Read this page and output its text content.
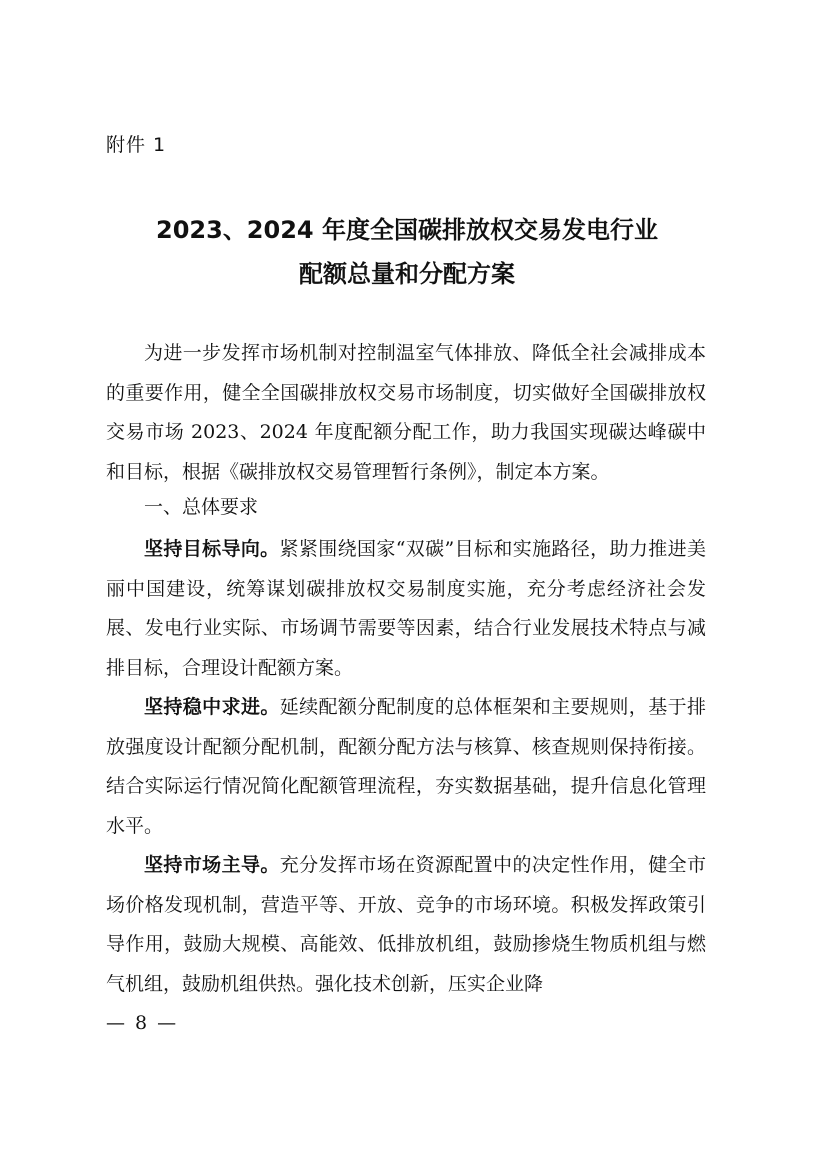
附件 1
2023、2024 年度全国碳排放权交易发电行业
配额总量和分配方案
为进一步发挥市场机制对控制温室气体排放、降低全社会减排成本的重要作用，健全全国碳排放权交易市场制度，切实做好全国碳排放权交易市场 2023、2024 年度配额分配工作，助力我国实现碳达峰碳中和目标，根据《碳排放权交易管理暂行条例》，制定本方案。
一、总体要求
坚持目标导向。紧紧围绕国家“双碳”目标和实施路径，助力推进美丽中国建设，统筹谋划碳排放权交易制度实施，充分考虑经济社会发展、发电行业实际、市场调节需要等因素，结合行业发展技术特点与减排目标，合理设计配额方案。
坚持稳中求进。延续配额分配制度的总体框架和主要规则，基于排放强度设计配额分配机制，配额分配方法与核算、核查规则保持衔接。结合实际运行情况简化配额管理流程，夯实数据基础，提升信息化管理水平。
坚持市场主导。充分发挥市场在资源配置中的决定性作用，健全市场价格发现机制，营造平等、开放、竞争的市场环境。积极发挥政策引导作用，鼓励大规模、高能效、低排放机组，鼓励掺烧生物质机组与燃气机组，鼓励机组供热。强化技术创新，压实企业降
— 8 —
